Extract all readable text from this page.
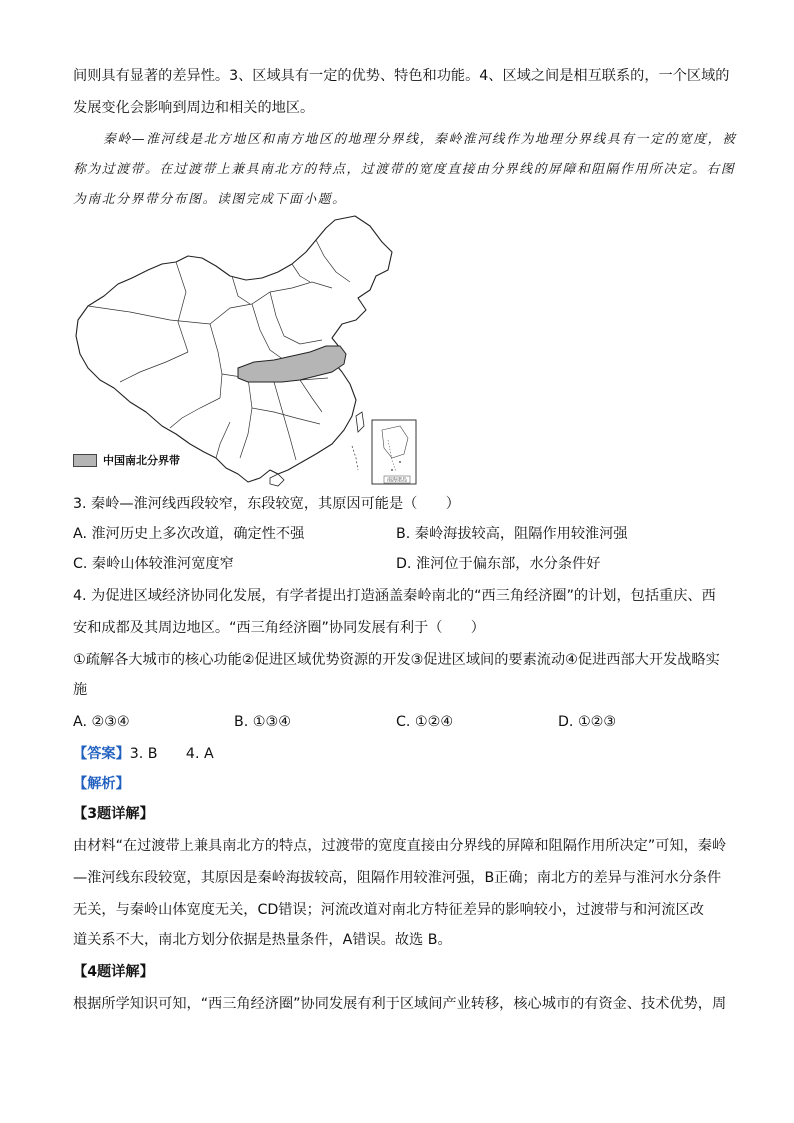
间则具有显著的差异性。3、区域具有一定的优势、特色和功能。4、区域之间是相互联系的，一个区域的
发展变化会影响到周边和相关的地区。
秦岭—淮河线是北方地区和南方地区的地理分界线，秦岭淮河线作为地理分界线具有一定的宽度，被
称为过渡带。在过渡带上兼具南北方的特点，过渡带的宽度直接由分界线的屏障和阻隔作用所决定。右图
为南北分界带分布图。读图完成下面小题。
南海诸岛
中国南北分界带
3. 秦岭—淮河线西段较窄，东段较宽，其原因可能是（　　）
A. 淮河历史上多次改道，确定性不强	B. 秦岭海拔较高，阻隔作用较淮河强
C. 秦岭山体较淮河宽度窄	D. 淮河位于偏东部，水分条件好
4. 为促进区域经济协同化发展，有学者提出打造涵盖秦岭南北的“西三角经济圈”的计划，包括重庆、西
安和成都及其周边地区。“西三角经济圈”协同发展有利于（　　）
①疏解各大城市的核心功能②促进区域优势资源的开发③促进区域间的要素流动④促进西部大开发战略实
施
A. ②③④	B. ①③④	C. ①②④	D. ①②③
【答案】3. B　　4. A
【解析】
【3题详解】
由材料“在过渡带上兼具南北方的特点，过渡带的宽度直接由分界线的屏障和阻隔作用所决定”可知，秦岭
—淮河线东段较宽，其原因是秦岭海拔较高，阻隔作用较淮河强，B正确；南北方的差异与淮河水分条件
无关，与秦岭山体宽度无关，CD错误；河流改道对南北方特征差异的影响较小，过渡带与和河流区改
道关系不大，南北方划分依据是热量条件，A错误。故选 B。
【4题详解】
根据所学知识可知，“西三角经济圈”协同发展有利于区域间产业转移，核心城市的有资金、技术优势，周
